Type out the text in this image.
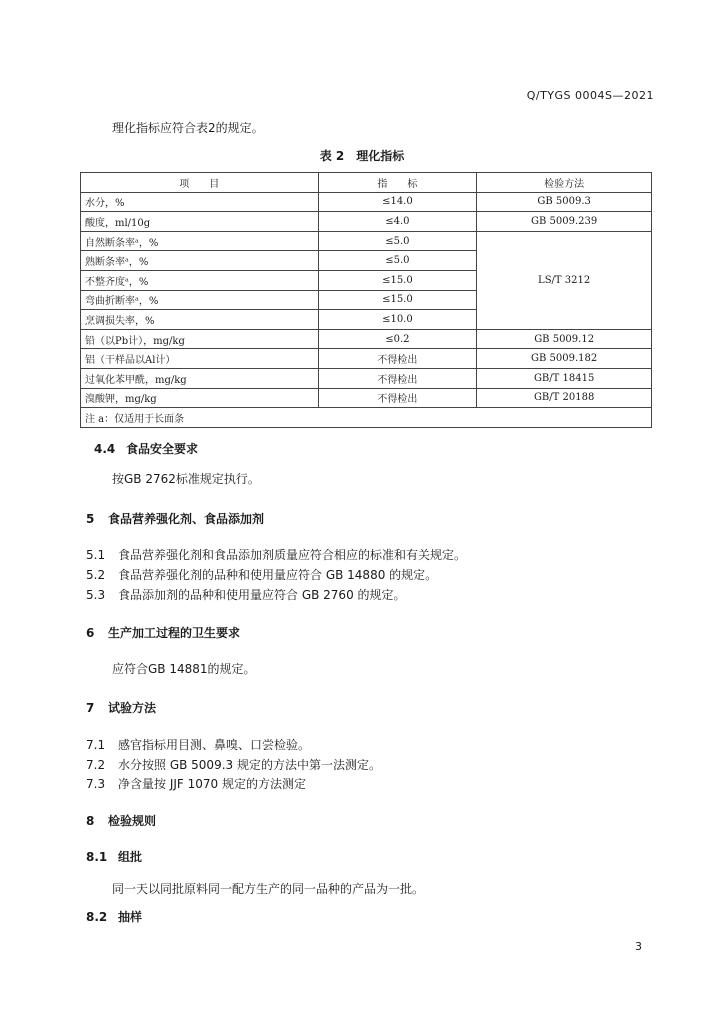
Q/TYGS 0004S—2021
理化指标应符合表2的规定。
表 2　理化指标
项　　目	指　　标	检验方法
水分，%	≤14.0	GB 5009.3
酸度，ml/10g	≤4.0	GB 5009.239
自然断条率ᵃ，%	≤5.0	LS/T 3212
熟断条率ᵃ，%	≤5.0	
不整齐度ᵃ，%	≤15.0	
弯曲折断率ᵃ，%	≤15.0	
烹调损失率，%	≤10.0	
铅（以Pb计），mg/kg	≤0.2	GB 5009.12
铝（干样品以Al计）	不得检出	GB 5009.182
过氧化苯甲酰，mg/kg	不得检出	GB/T 18415
溴酸钾，mg/kg	不得检出	GB/T 20188
注 a：仅适用于长面条		
4.4 食品安全要求
按GB 2762标准规定执行。
5 食品营养强化剂、食品添加剂
5.1 食品营养强化剂和食品添加剂质量应符合相应的标准和有关规定。
5.2 食品营养强化剂的品种和使用量应符合 GB 14880 的规定。
5.3 食品添加剂的品种和使用量应符合 GB 2760 的规定。
6 生产加工过程的卫生要求
应符合GB 14881的规定。
7 试验方法
7.1 感官指标用目测、鼻嗅、口尝检验。
7.2 水分按照 GB 5009.3 规定的方法中第一法测定。
7.3 净含量按 JJF 1070 规定的方法测定
8 检验规则
8.1 组批
同一天以同批原料同一配方生产的同一品种的产品为一批。
8.2 抽样
3
